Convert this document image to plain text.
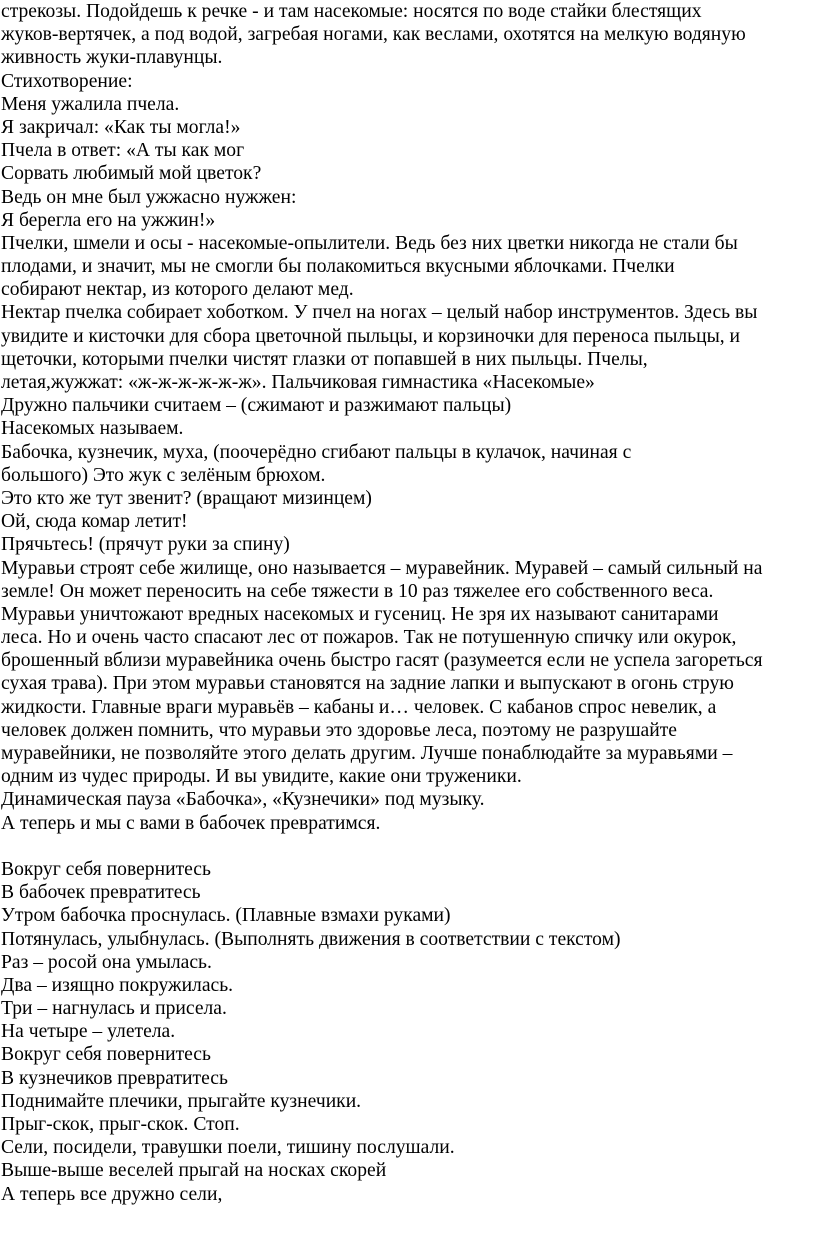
стрекозы. Подойдешь к речке - и там насекомые: носятся по воде стайки блестящих
жуков-вертячек, а под водой, загребая ногами, как веслами, охотятся на мелкую водяную
живность жуки-плавунцы.
Стихотворение:
Меня ужалила пчела.
Я закричал: «Как ты могла!»
Пчела в ответ: «А ты как мог
Сорвать любимый мой цветок?
Ведь он мне был ужжасно нужжен:
Я берегла его на ужжин!»
Пчелки, шмели и осы - насекомые-опылители. Ведь без них цветки никогда не стали бы
плодами, и значит, мы не смогли бы полакомиться вкусными яблочками. Пчелки
собирают нектар, из которого делают мед.
Нектар пчелка собирает хоботком. У пчел на ногах – целый набор инструментов. Здесь вы
увидите и кисточки для сбора цветочной пыльцы, и корзиночки для переноса пыльцы, и
щеточки, которыми пчелки чистят глазки от попавшей в них пыльцы. Пчелы,
летая,жужжат: «ж-ж-ж-ж-ж-ж». Пальчиковая гимнастика «Насекомые»
Дружно пальчики считаем – (сжимают и разжимают пальцы)
Насекомых называем.
Бабочка, кузнечик, муха, (поочерёдно сгибают пальцы в кулачок, начиная с
большого) Это жук с зелёным брюхом.
Это кто же тут звенит? (вращают мизинцем)
Ой, сюда комар летит!
Прячьтесь! (прячут руки за спину)
Муравьи строят себе жилище, оно называется – муравейник. Муравей – самый сильный на
земле! Он может переносить на себе тяжести в 10 раз тяжелее его собственного веса.
Муравьи уничтожают вредных насекомых и гусениц. Не зря их называют санитарами
леса. Но и очень часто спасают лес от пожаров. Так не потушенную спичку или окурок,
брошенный вблизи муравейника очень быстро гасят (разумеется если не успела загореться
сухая трава). При этом муравьи становятся на задние лапки и выпускают в огонь струю
жидкости. Главные враги муравьёв – кабаны и… человек. С кабанов спрос невелик, а
человек должен помнить, что муравьи это здоровье леса, поэтому не разрушайте
муравейники, не позволяйте этого делать другим. Лучше понаблюдайте за муравьями –
одним из чудес природы. И вы увидите, какие они труженики.
Динамическая пауза «Бабочка», «Кузнечики» под музыку.
А теперь и мы с вами в бабочек превратимся.
Вокруг себя повернитесь
В бабочек превратитесь
Утром бабочка проснулась. (Плавные взмахи руками)
Потянулась, улыбнулась. (Выполнять движения в соответствии с текстом)
Раз – росой она умылась.
Два – изящно покружилась.
Три – нагнулась и присела.
На четыре – улетела.
Вокруг себя повернитесь
В кузнечиков превратитесь
Поднимайте плечики, прыгайте кузнечики.
Прыг-скок, прыг-скок. Стоп.
Сели, посидели, травушки поели, тишину послушали.
Выше-выше веселей прыгай на носках скорей
А теперь все дружно сели,
